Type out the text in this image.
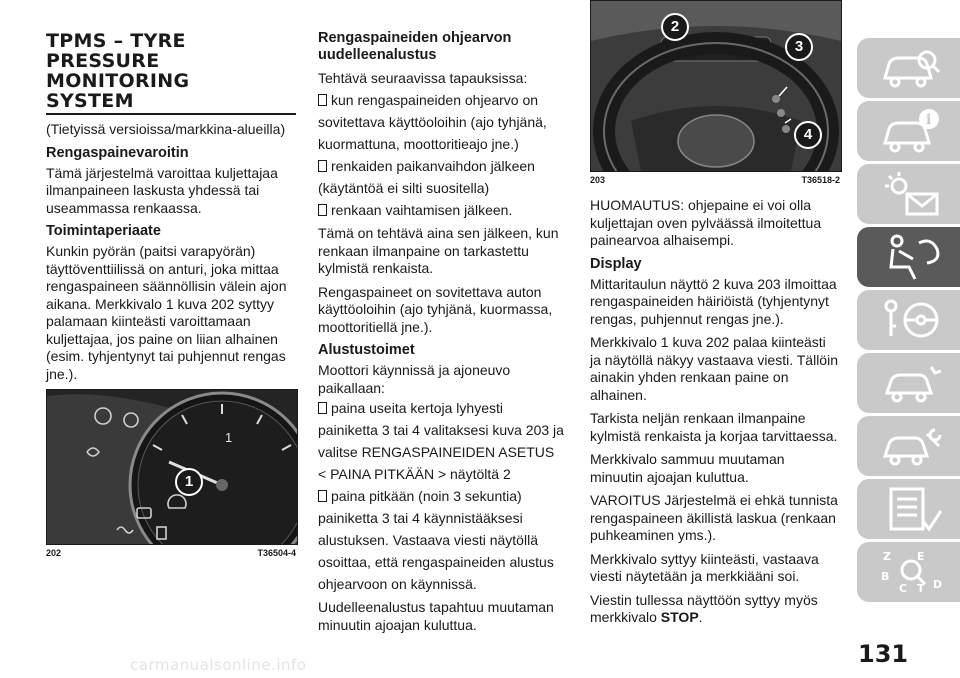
TPMS – TYRE
PRESSURE
MONITORING
SYSTEM

(Tietyissä versioissa/markkina-alueilla)

Rengaspainevaroitin

Tämä järjestelmä varoittaa kuljettajaa ilmanpaineen laskusta yhdessä tai useammassa renkaassa.

Toimintaperiaate

Kunkin pyörän (paitsi varapyörän) täyttöventtiilissä on anturi, joka mittaa rengaspaineen säännöllisin välein ajon aikana. Merkkivalo 1 kuva 202 syttyy palamaan kiinteästi varoittamaan kuljettajaa, jos paine on liian alhainen (esim. tyhjentynyt tai puhjennut rengas jne.).

1
1
202	T36504-4
Rengaspaineiden ohjearvon uudelleenalustus

Tehtävä seuraavissa tapauksissa:

kun rengaspaineiden ohjearvo on sovitettava käyttöoloihin (ajo tyhjänä, kuormattuna, moottoritieajo jne.)

renkaiden paikanvaihdon jälkeen (käytäntöä ei silti suositella)

renkaan vaihtamisen jälkeen.

Tämä on tehtävä aina sen jälkeen, kun renkaan ilmanpaine on tarkastettu kylmistä renkaista.

Rengaspaineet on sovitettava auton käyttöoloihin (ajo tyhjänä, kuormassa, moottoritiellä jne.).

Alustustoimet

Moottori käynnissä ja ajoneuvo paikallaan:

paina useita kertoja lyhyesti painiketta 3 tai 4 valitaksesi kuva 203 ja valitse RENGASPAINEIDEN ASETUS < PAINA PITKÄÄN > näytöltä 2

paina pitkään (noin 3 sekuntia) painiketta 3 tai 4 käynnistääksesi alustuksen. Vastaava viesti näytöllä osoittaa, että rengaspaineiden alustus ohjearvoon on käynnissä.

Uudelleenalustus tapahtuu muutaman minuutin ajoajan kuluttua.

8888
2
3
4
203	T36518-2

HUOMAUTUS: ohjepaine ei voi olla kuljettajan oven pylväässä ilmoitettua painearvoa alhaisempi.

Display

Mittaritaulun näyttö 2 kuva 203 ilmoittaa rengaspaineiden häiriöistä (tyhjentynyt rengas, puhjennut rengas jne.).

Merkkivalo 1 kuva 202 palaa kiinteästi ja näytöllä näkyy vastaava viesti. Tällöin ainakin yhden renkaan paine on alhainen.

Tarkista neljän renkaan ilmanpaine kylmistä renkaista ja korjaa tarvittaessa.

Merkkivalo sammuu muutaman minuutin ajoajan kuluttua.

VAROITUS Järjestelmä ei ehkä tunnista rengaspaineen äkillistä laskua (renkaan puhkeaminen yms.).

Merkkivalo syttyy kiinteästi, vastaava viesti näytetään ja merkkiääni soi.

Viestin tullessa näyttöön syttyy myös merkkivalo STOP.

i
Z E
B
C T D
131
carmanualsonline.info
